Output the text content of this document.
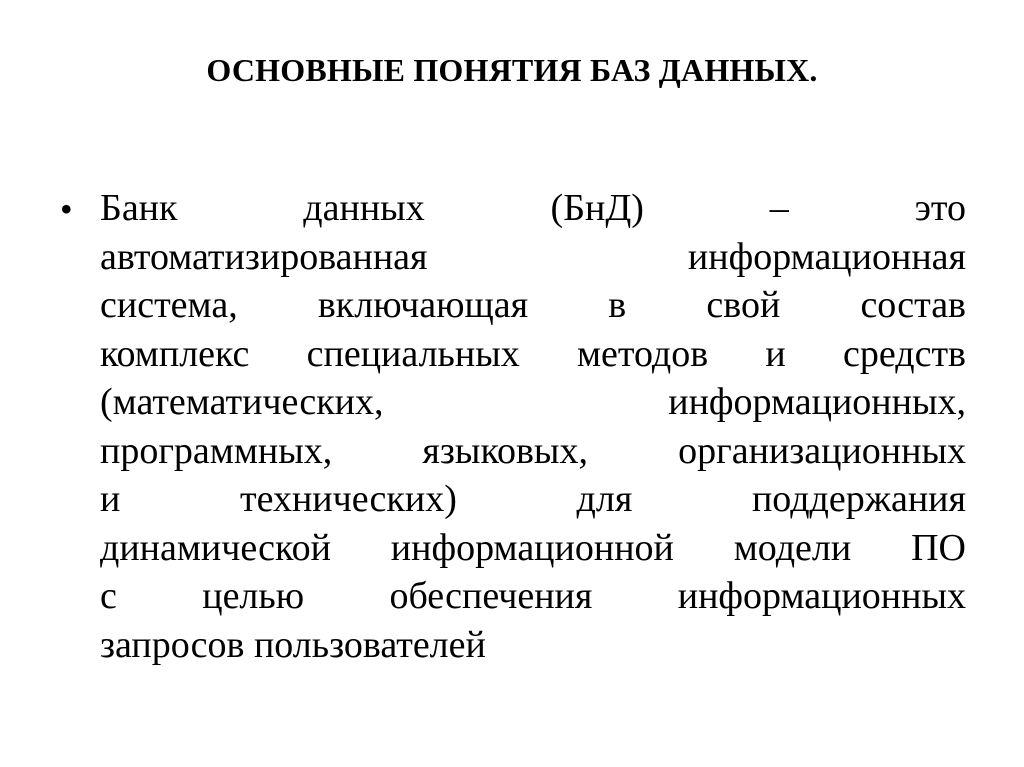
ОСНОВНЫЕ ПОНЯТИЯ БАЗ ДАННЫХ.
• Банк данных (БнД) – это
автоматизированная информационная
система, включающая в свой состав
комплекс специальных методов и средств
(математических, информационных,
программных, языковых, организационных
и технических) для поддержания
динамической информационной модели ПО
с целью обеспечения информационных
запросов пользователей
